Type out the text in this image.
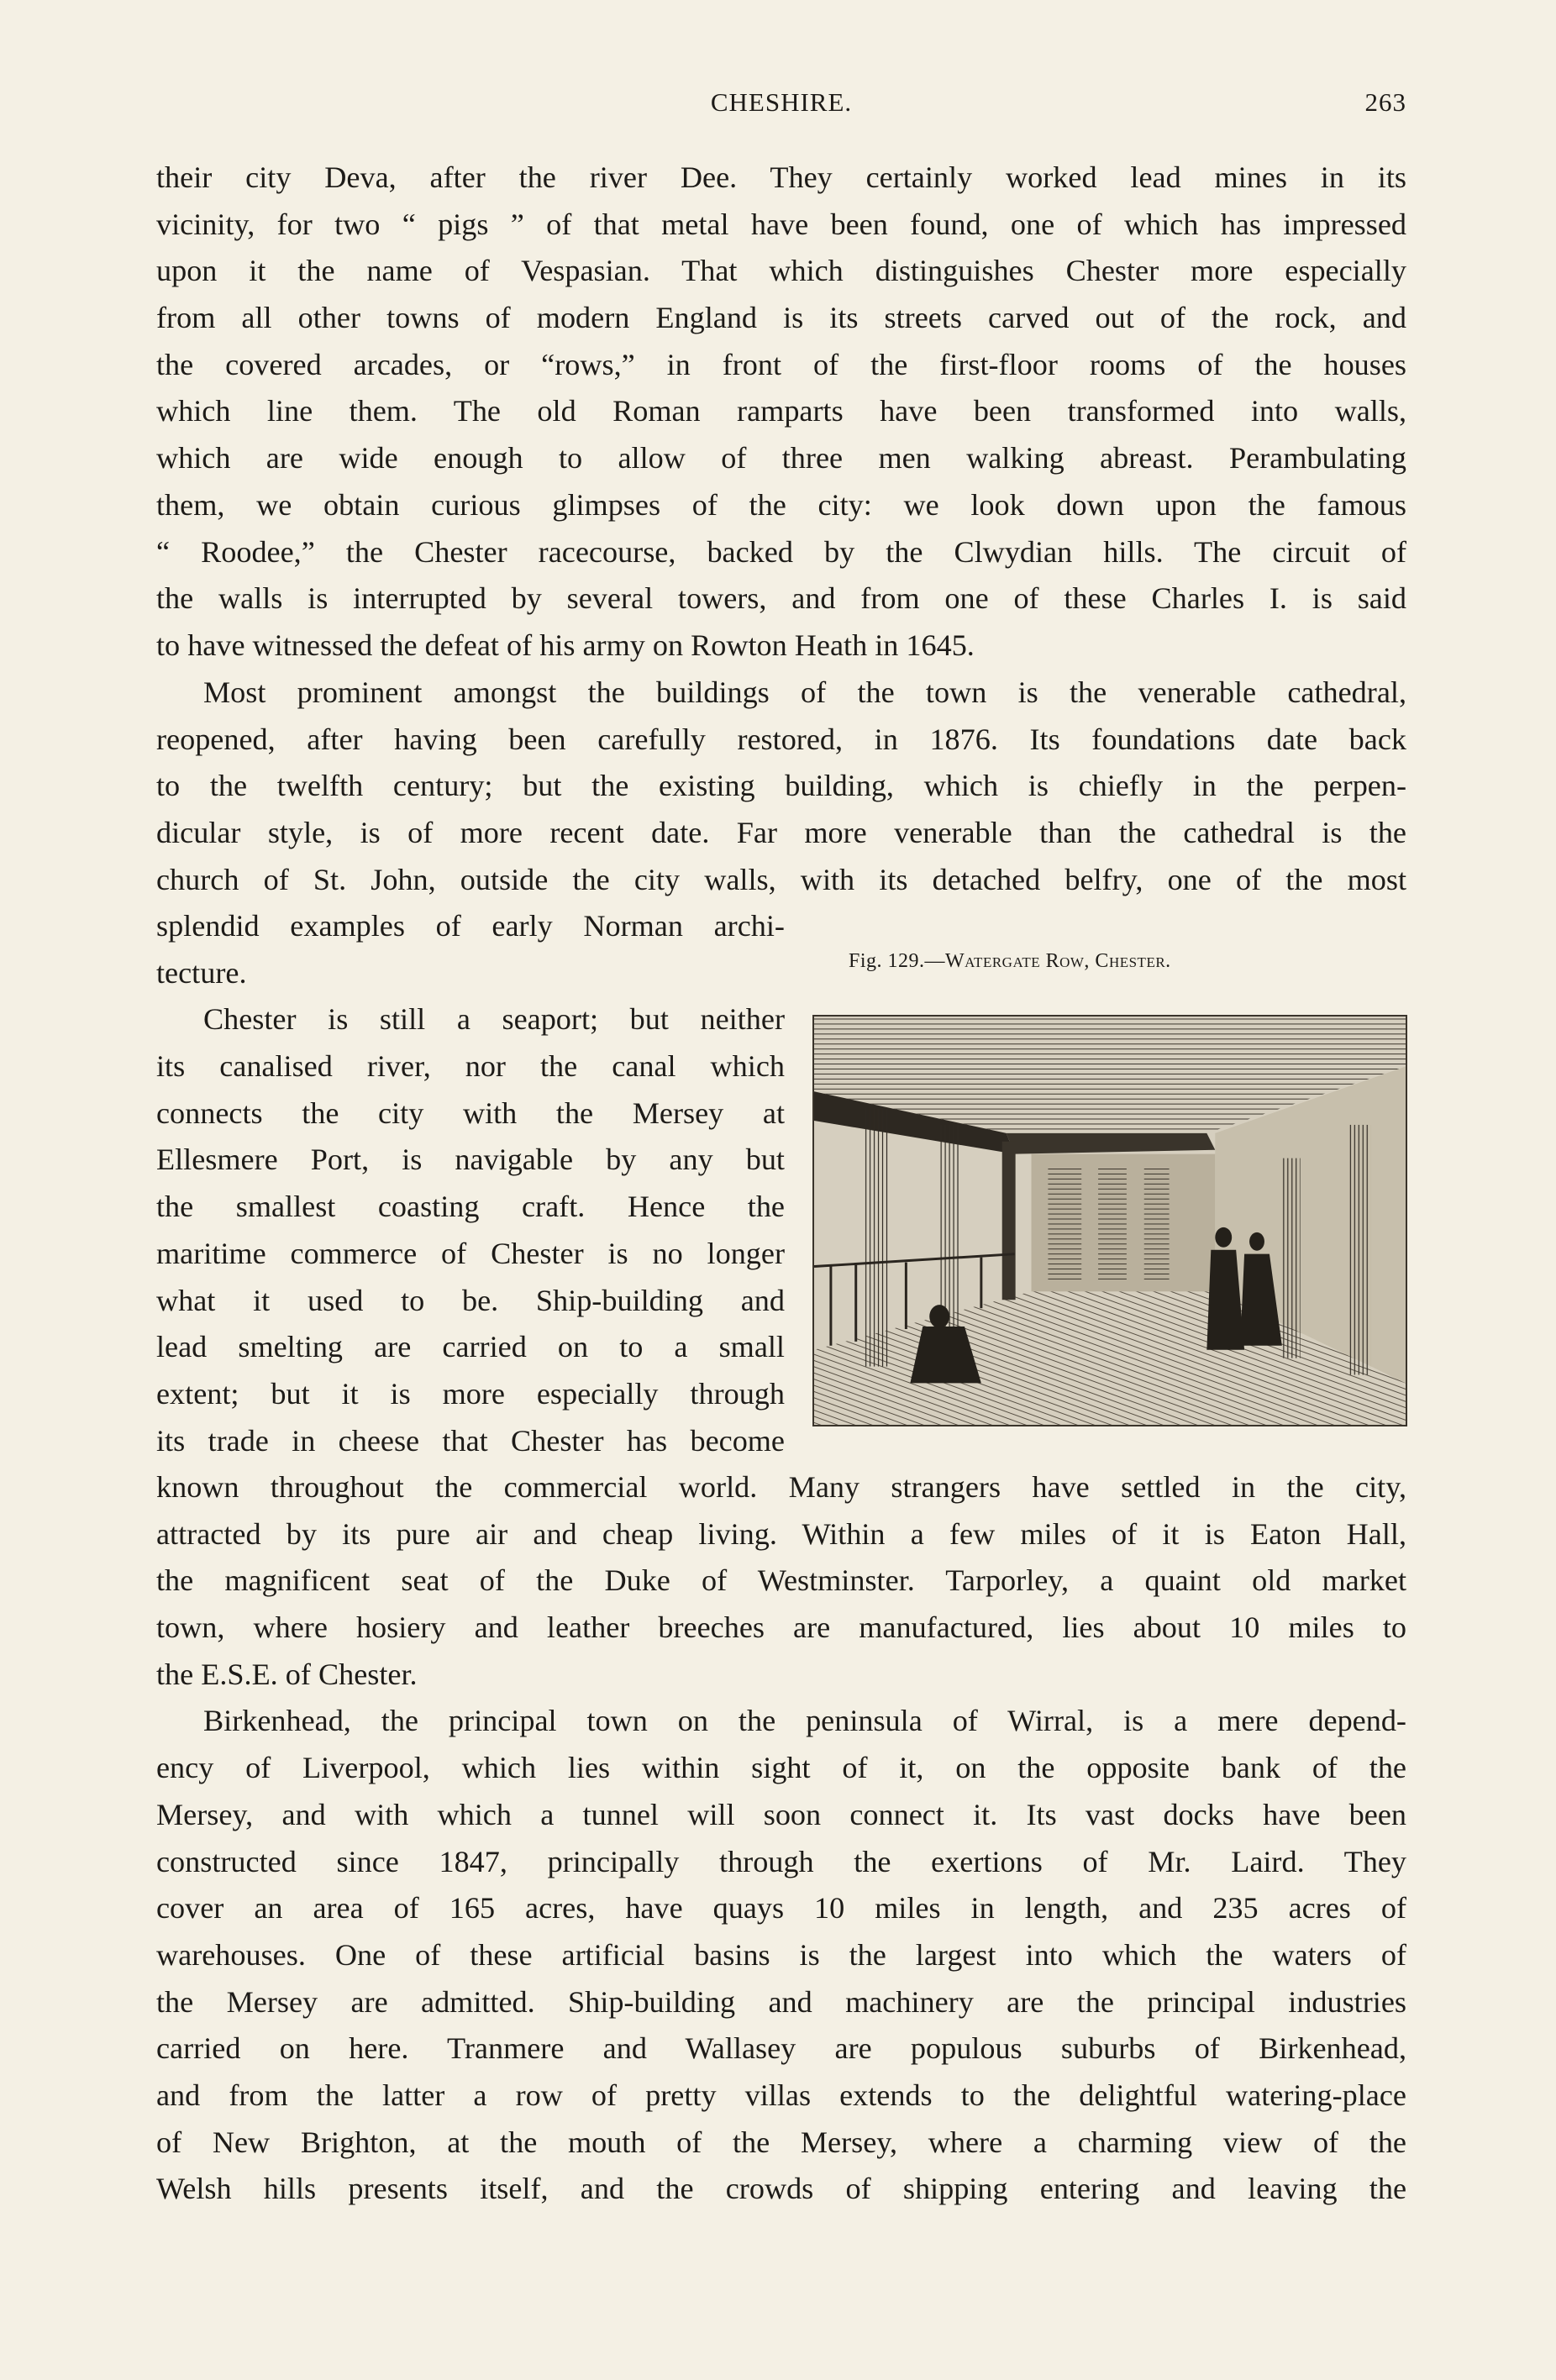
CHESHIRE.	263
their city Deva, after the river Dee. They certainly worked lead mines in its
vicinity, for two “ pigs ” of that metal have been found, one of which has impressed
upon it the name of Vespasian. That which distinguishes Chester more especially
from all other towns of modern England is its streets carved out of the rock, and
the covered arcades, or “rows,” in front of the first-floor rooms of the houses
which line them. The old Roman ramparts have been transformed into walls,
which are wide enough to allow of three men walking abreast. Perambulating
them, we obtain curious glimpses of the city: we look down upon the famous
“ Roodee,” the Chester racecourse, backed by the Clwydian hills. The circuit of
the walls is interrupted by several towers, and from one of these Charles I. is said
to have witnessed the defeat of his army on Rowton Heath in 1645.
Most prominent amongst the buildings of the town is the venerable cathedral,
reopened, after having been carefully restored, in 1876. Its foundations date back
to the twelfth century; but the existing building, which is chiefly in the perpen-
dicular style, is of more recent date. Far more venerable than the cathedral is the
church of St. John, outside the city walls, with its detached belfry, one of the most
splendid examples of early Norman archi-
tecture.
Chester is still a seaport; but neither
its canalised river, nor the canal which
connects the city with the Mersey at
Ellesmere Port, is navigable by any but
the smallest coasting craft. Hence the
maritime commerce of Chester is no longer
what it used to be. Ship-building and
lead smelting are carried on to a small
extent; but it is more especially through
its trade in cheese that Chester has become
Fig. 129.—Watergate Row, Chester.
known throughout the commercial world. Many strangers have settled in the city,
attracted by its pure air and cheap living. Within a few miles of it is Eaton Hall,
the magnificent seat of the Duke of Westminster. Tarporley, a quaint old market
town, where hosiery and leather breeches are manufactured, lies about 10 miles to
the E.S.E. of Chester.
Birkenhead, the principal town on the peninsula of Wirral, is a mere depend-
ency of Liverpool, which lies within sight of it, on the opposite bank of the
Mersey, and with which a tunnel will soon connect it. Its vast docks have been
constructed since 1847, principally through the exertions of Mr. Laird. They
cover an area of 165 acres, have quays 10 miles in length, and 235 acres of
warehouses. One of these artificial basins is the largest into which the waters of
the Mersey are admitted. Ship-building and machinery are the principal industries
carried on here. Tranmere and Wallasey are populous suburbs of Birkenhead,
and from the latter a row of pretty villas extends to the delightful watering-place
of New Brighton, at the mouth of the Mersey, where a charming view of the
Welsh hills presents itself, and the crowds of shipping entering and leaving the
